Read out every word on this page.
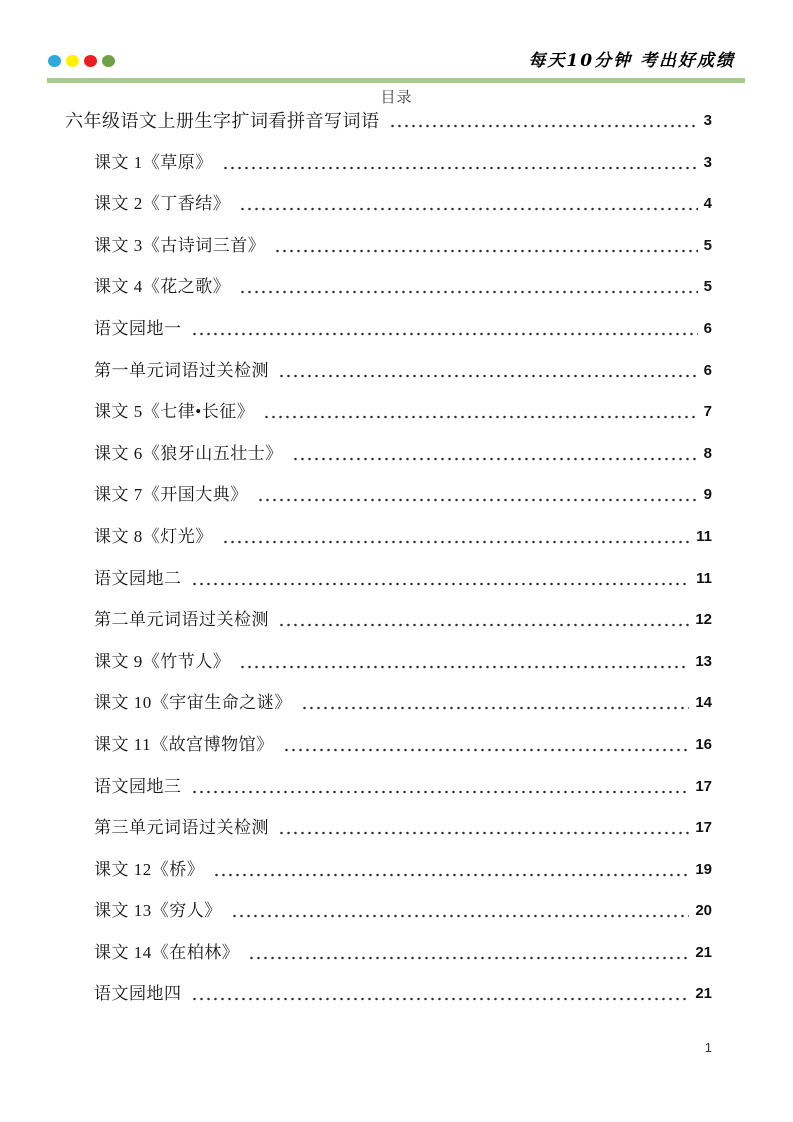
每天10分钟 考出好成绩
目录
六年级语文上册生字扩词看拼音写词语	3
课文 1《草原》	3
课文 2《丁香结》	4
课文 3《古诗词三首》	5
课文 4《花之歌》	5
语文园地一	6
第一单元词语过关检测	6
课文 5《七律•长征》	7
课文 6《狼牙山五壮士》	8
课文 7《开国大典》	9
课文 8《灯光》	11
语文园地二	11
第二单元词语过关检测	12
课文 9《竹节人》	13
课文 10《宇宙生命之谜》	14
课文 11《故宫博物馆》	16
语文园地三	17
第三单元词语过关检测	17
课文 12《桥》	19
课文 13《穷人》	20
课文 14《在柏林》	21
语文园地四	21
1
